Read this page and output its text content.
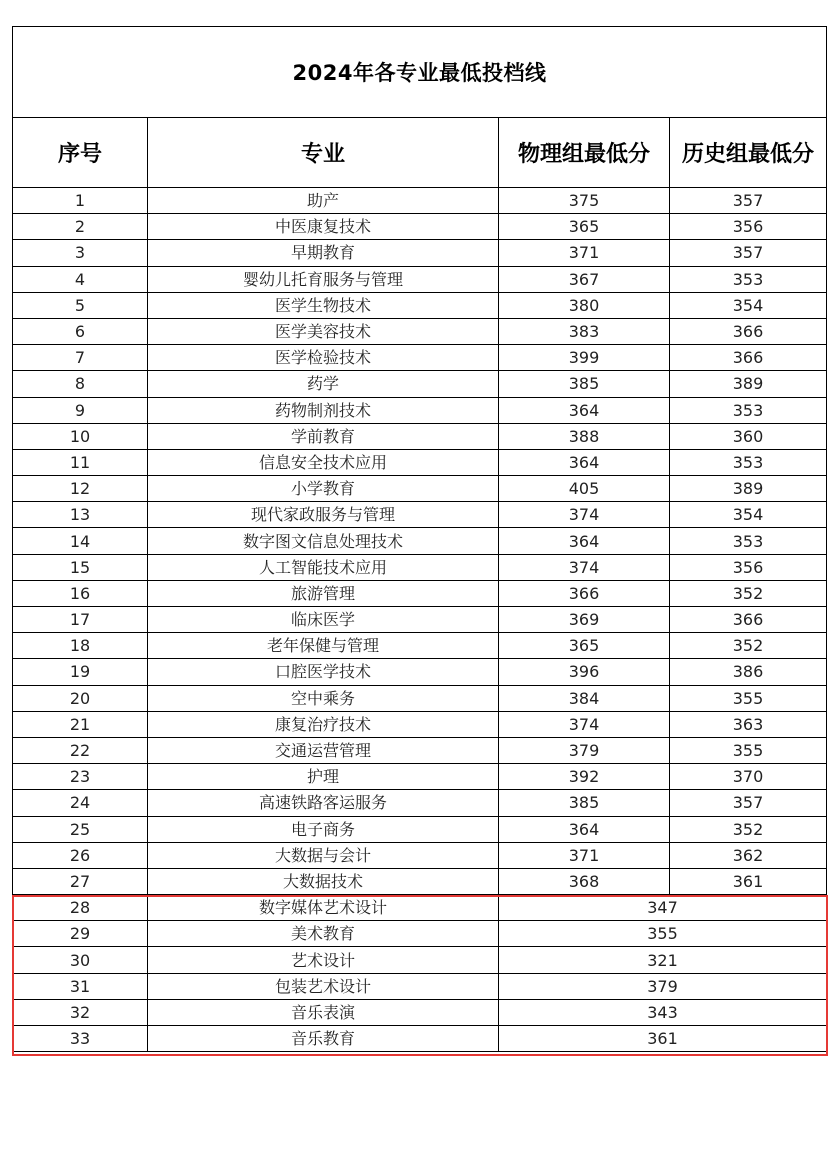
2024年各专业最低投档线			
序号	专业	物理组最低分	历史组最低分
1	助产	375	357
2	中医康复技术	365	356
3	早期教育	371	357
4	婴幼儿托育服务与管理	367	353
5	医学生物技术	380	354
6	医学美容技术	383	366
7	医学检验技术	399	366
8	药学	385	389
9	药物制剂技术	364	353
10	学前教育	388	360
11	信息安全技术应用	364	353
12	小学教育	405	389
13	现代家政服务与管理	374	354
14	数字图文信息处理技术	364	353
15	人工智能技术应用	374	356
16	旅游管理	366	352
17	临床医学	369	366
18	老年保健与管理	365	352
19	口腔医学技术	396	386
20	空中乘务	384	355
21	康复治疗技术	374	363
22	交通运营管理	379	355
23	护理	392	370
24	高速铁路客运服务	385	357
25	电子商务	364	352
26	大数据与会计	371	362
27	大数据技术	368	361
28	数字媒体艺术设计	347	
29	美术教育	355	
30	艺术设计	321	
31	包装艺术设计	379	
32	音乐表演	343	
33	音乐教育	361	
